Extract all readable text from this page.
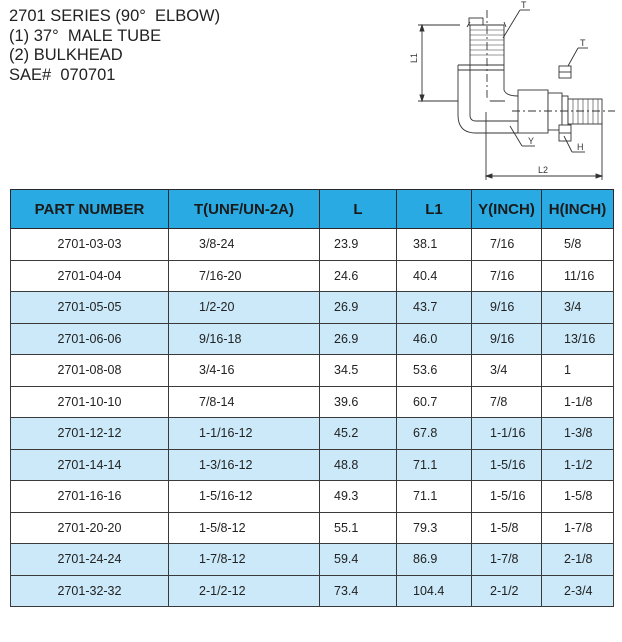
2701 SERIES (90°  ELBOW)
(1) 37°  MALE TUBE
(2) BULKHEAD
SAE#  070701
L1
T
T
Y
H
L2
PART NUMBER	T(UNF/UN-2A)	L	L1	Y(INCH)	H(INCH)
2701-03-03	3/8-24	23.9	38.1	7/16	5/8
2701-04-04	7/16-20	24.6	40.4	7/16	11/16
2701-05-05	1/2-20	26.9	43.7	9/16	3/4
2701-06-06	9/16-18	26.9	46.0	9/16	13/16
2701-08-08	3/4-16	34.5	53.6	3/4	1
2701-10-10	7/8-14	39.6	60.7	7/8	1-1/8
2701-12-12	1-1/16-12	45.2	67.8	1-1/16	1-3/8
2701-14-14	1-3/16-12	48.8	71.1	1-5/16	1-1/2
2701-16-16	1-5/16-12	49.3	71.1	1-5/16	1-5/8
2701-20-20	1-5/8-12	55.1	79.3	1-5/8	1-7/8
2701-24-24	1-7/8-12	59.4	86.9	1-7/8	2-1/8
2701-32-32	2-1/2-12	73.4	104.4	2-1/2	2-3/4
